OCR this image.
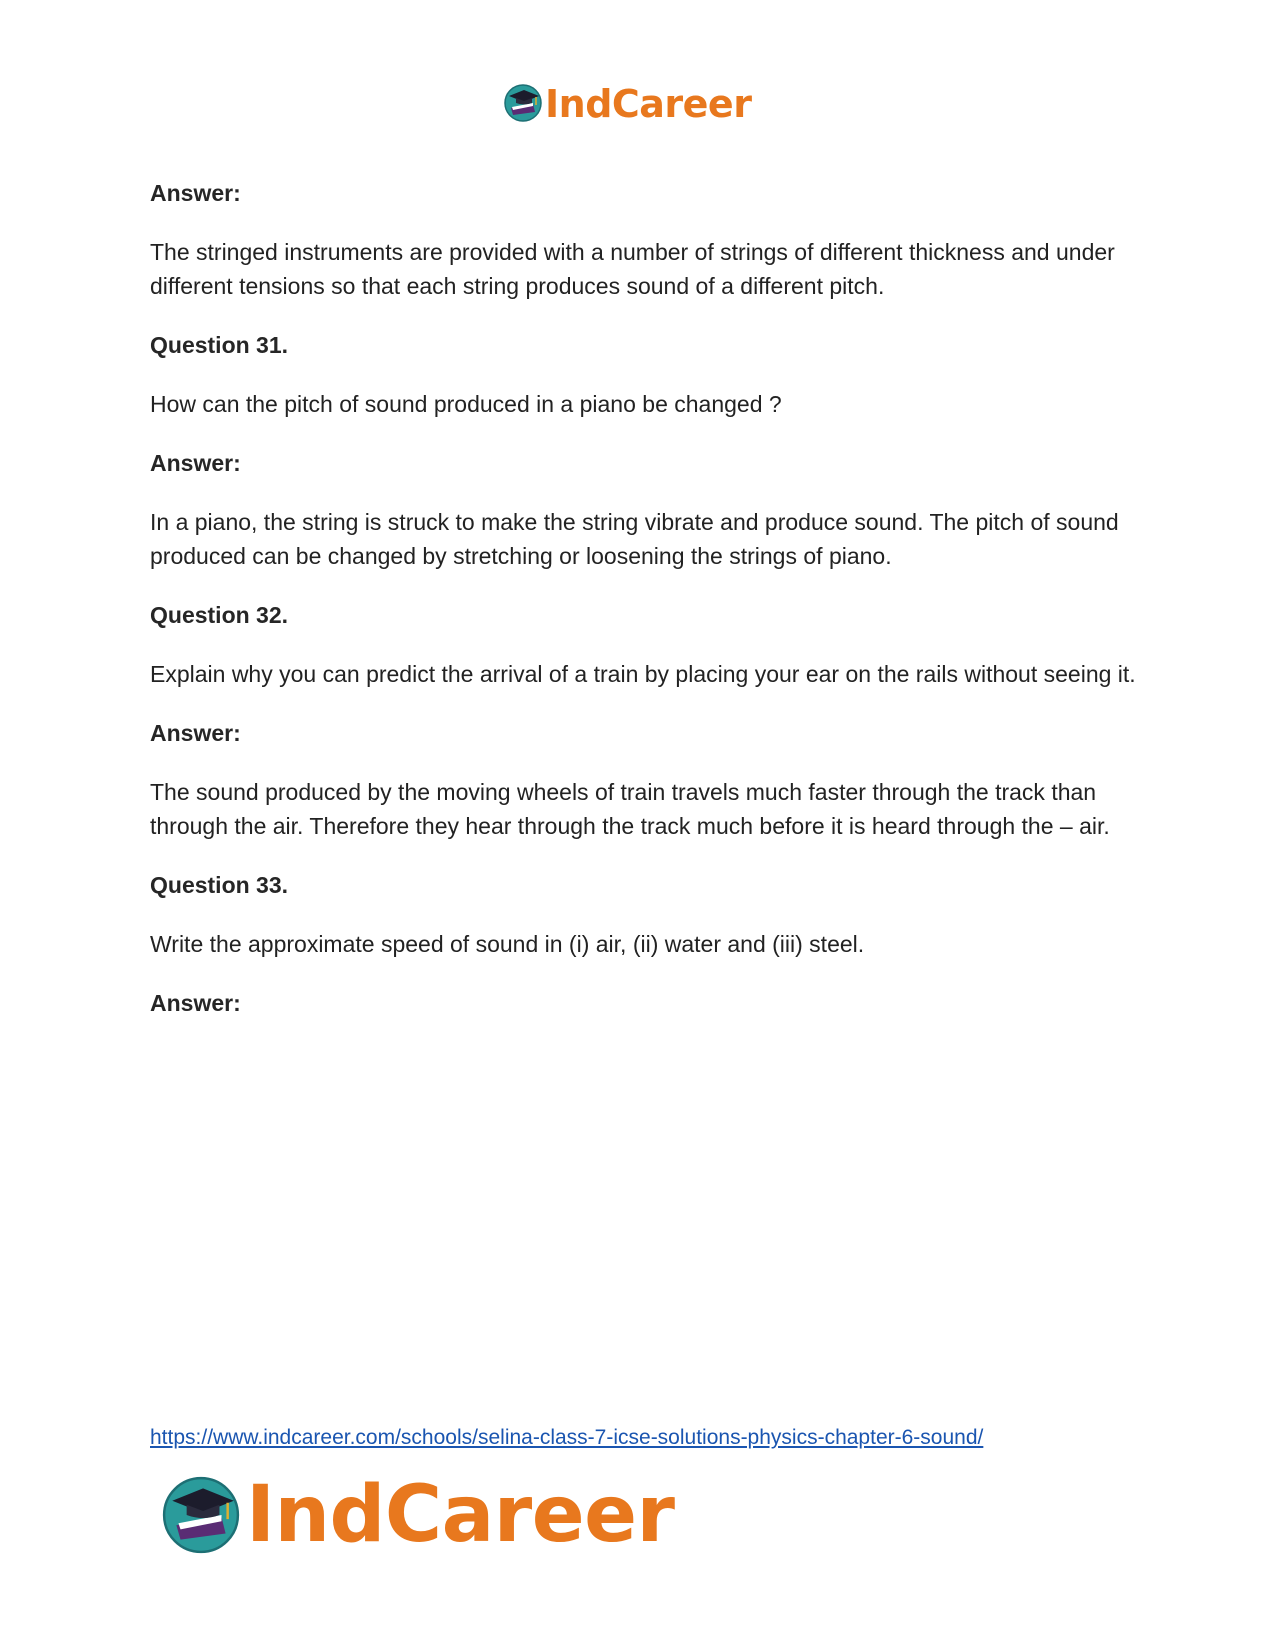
IndCareer
Answer:
The stringed instruments are provided with a number of strings of different thickness and under different tensions so that each string produces sound of a different pitch.
Question 31.
How can the pitch of sound produced in a piano be changed ?
Answer:
In a piano, the string is struck to make the string vibrate and produce sound. The pitch of sound produced can be changed by stretching or loosening the strings of piano.
Question 32.
Explain why you can predict the arrival of a train by placing your ear on the rails without seeing it.
Answer:
The sound produced by the moving wheels of train travels much faster through the track than through the air. Therefore they hear through the track much before it is heard through the – air.
Question 33.
Write the approximate speed of sound in (i) air, (ii) water and (iii) steel.
Answer:
https://www.indcareer.com/schools/selina-class-7-icse-solutions-physics-chapter-6-sound/
IndCareer
